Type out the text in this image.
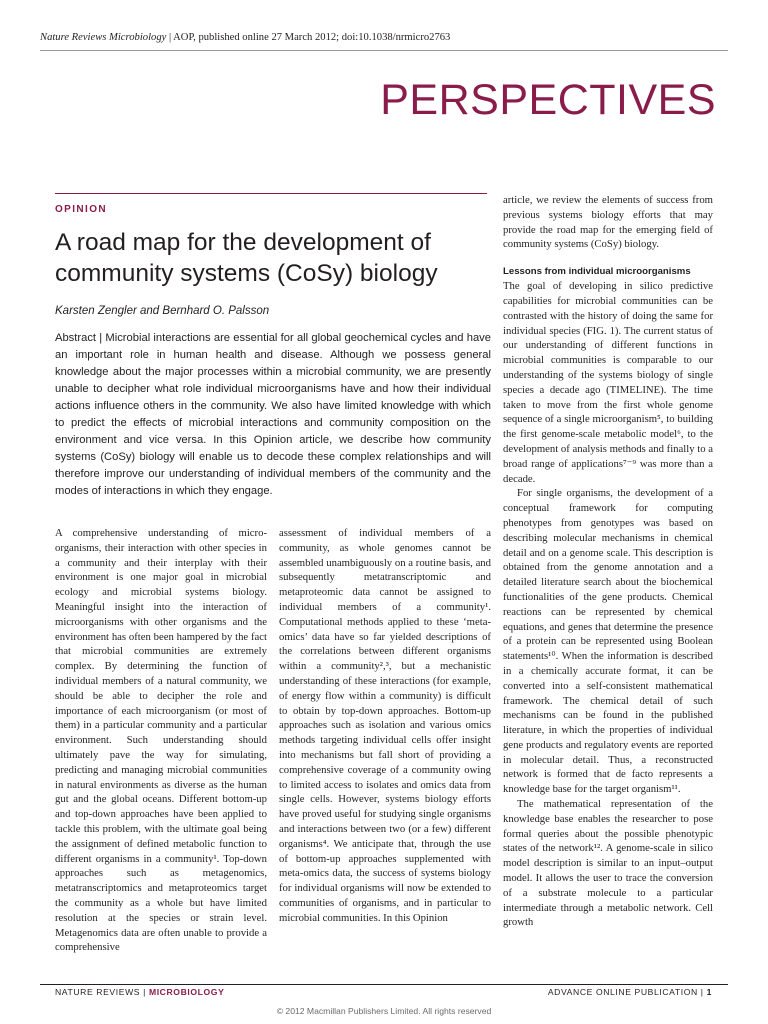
Nature Reviews Microbiology | AOP, published online 27 March 2012; doi:10.1038/nrmicro2763
PERSPECTIVES
OPINION
A road map for the development of community systems (CoSy) biology
Karsten Zengler and Bernhard O. Palsson
Abstract | Microbial interactions are essential for all global geochemical cycles and have an important role in human health and disease. Although we possess general knowledge about the major processes within a microbial community, we are presently unable to decipher what role individual microorganisms have and how their individual actions influence others in the community. We also have limited knowledge with which to predict the effects of microbial interactions and community composition on the environment and vice versa. In this Opinion article, we describe how community systems (CoSy) biology will enable us to decode these complex relationships and will therefore improve our understanding of individual members of the community and the modes of interactions in which they engage.

A comprehensive understanding of micro-organisms, their interaction with other species in a community and their interplay with their environment is one major goal in microbial ecology and microbial systems biology. Meaningful insight into the interaction of microorganisms with other organisms and the environment has often been hampered by the fact that microbial communities are extremely complex. By determining the function of individual members of a natural community, we should be able to decipher the role and importance of each microorganism (or most of them) in a particular community and a particular environment. Such understanding should ultimately pave the way for simulating, predicting and managing microbial communities in natural environments as diverse as the human gut and the global oceans. Different bottom-up and top-down approaches have been applied to tackle this problem, with the ultimate goal being the assignment of defined metabolic function to different organisms in a community¹. Top-down approaches such as metagenomics, metatranscriptomics and metaproteomics target the community as a whole but have limited resolution at the species or strain level. Metagenomics data are often unable to provide a comprehensive

assessment of individual members of a community, as whole genomes cannot be assembled unambiguously on a routine basis, and subsequently metatranscriptomic and metaproteomic data cannot be assigned to individual members of a community¹. Computational methods applied to these ‘meta-omics’ data have so far yielded descriptions of the correlations between different organisms within a community²,³, but a mechanistic understanding of these interactions (for example, of energy flow within a community) is difficult to obtain by top-down approaches. Bottom-up approaches such as isolation and various omics methods targeting individual cells offer insight into mechanisms but fall short of providing a comprehensive coverage of a community owing to limited access to isolates and omics data from single cells. However, systems biology efforts have proved useful for studying single organisms and interactions between two (or a few) different organisms⁴. We anticipate that, through the use of bottom-up approaches supplemented with meta-omics data, the success of systems biology for individual organisms will now be extended to communities of organisms, and in particular to microbial communities. In this Opinion

article, we review the elements of success from previous systems biology efforts that may provide the road map for the emerging field of community systems (CoSy) biology.

Lessons from individual microorganisms

The goal of developing in silico predictive capabilities for microbial communities can be contrasted with the history of doing the same for individual species (FIG. 1). The current status of our understanding of different functions in microbial communities is comparable to our understanding of the systems biology of single species a decade ago (TIMELINE). The time taken to move from the first whole genome sequence of a single microorganism⁵, to building the first genome-scale metabolic model⁶, to the development of analysis methods and finally to a broad range of applications⁷⁻⁹ was more than a decade.

For single organisms, the development of a conceptual framework for computing phenotypes from genotypes was based on describing molecular mechanisms in chemical detail and on a genome scale. This description is obtained from the genome annotation and a detailed literature search about the biochemical functionalities of the gene products. Chemical reactions can be represented by chemical equations, and genes that determine the presence of a protein can be represented using Boolean statements¹⁰. When the information is described in a chemically accurate format, it can be converted into a self-consistent mathematical framework. The chemical detail of such mechanisms can be found in the published literature, in which the properties of individual gene products and regulatory events are reported in molecular detail. Thus, a reconstructed network is formed that de facto represents a knowledge base for the target organism¹¹.

The mathematical representation of the knowledge base enables the researcher to pose formal queries about the possible phenotypic states of the network¹². A genome-scale in silico model description is similar to an input–output model. It allows the user to trace the conversion of a substrate molecule to a particular intermediate through a metabolic network. Cell growth

NATURE REVIEWS | MICROBIOLOGY	ADVANCE ONLINE PUBLICATION | 1
© 2012 Macmillan Publishers Limited. All rights reserved
